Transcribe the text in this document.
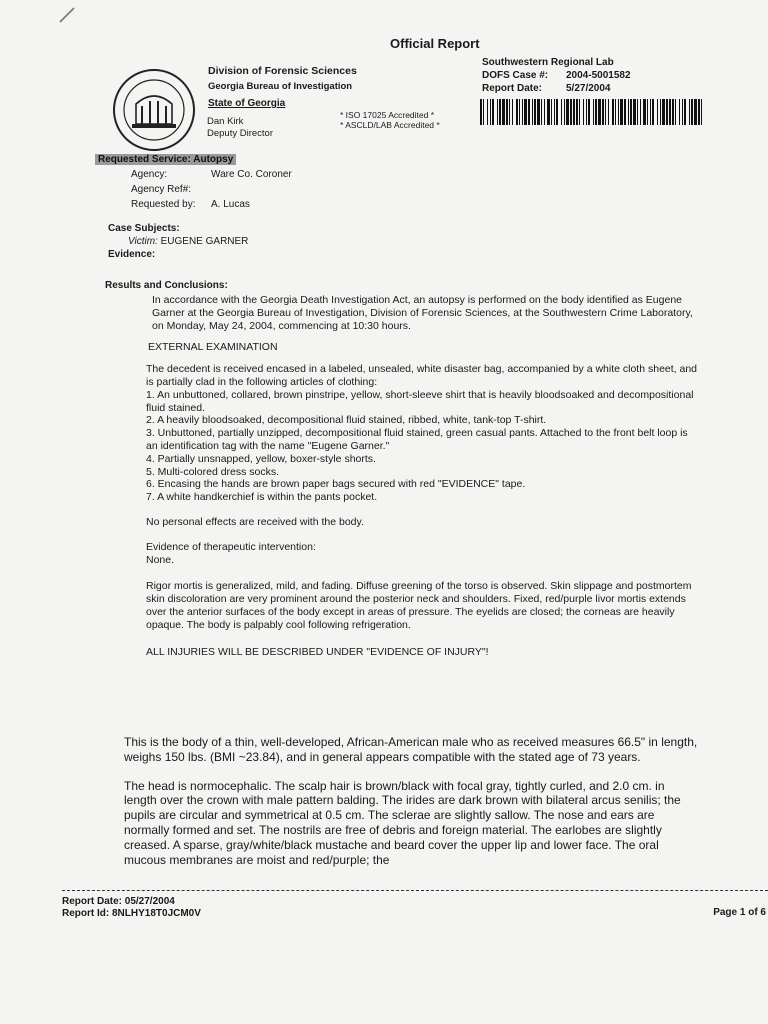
Official Report
Division of Forensic Sciences
Georgia Bureau of Investigation
State of Georgia
Dan Kirk
Deputy Director
* ISO 17025 Accredited *
* ASCLD/LAB Accredited *
Southwestern Regional Lab
DOFS Case #:	2004-5001582
Report Date:	5/27/2004
Requested Service: Autopsy
Agency:	Ware Co. Coroner
Agency Ref#:
Requested by:	A. Lucas
Case Subjects:
Victim: EUGENE GARNER
Evidence:
Results and Conclusions:

In accordance with the Georgia Death Investigation Act, an autopsy is performed on the body identified as Eugene Garner at the Georgia Bureau of Investigation, Division of Forensic Sciences, at the Southwestern Crime Laboratory, on Monday, May 24, 2004, commencing at 10:30 hours.

EXTERNAL EXAMINATION

The decedent is received encased in a labeled, unsealed, white disaster bag, accompanied by a white cloth sheet, and is partially clad in the following articles of clothing:

1. An unbuttoned, collared, brown pinstripe, yellow, short-sleeve shirt that is heavily bloodsoaked and decompositional fluid stained.
2. A heavily bloodsoaked, decompositional fluid stained, ribbed, white, tank-top T-shirt.
3. Unbuttoned, partially unzipped, decompositional fluid stained, green casual pants. Attached to the front belt loop is an identification tag with the name "Eugene Garner."
4. Partially unsnapped, yellow, boxer-style shorts.
5. Multi-colored dress socks.
6. Encasing the hands are brown paper bags secured with red "EVIDENCE" tape.
7. A white handkerchief is within the pants pocket.

No personal effects are received with the body.

Evidence of therapeutic intervention:

None.

Rigor mortis is generalized, mild, and fading. Diffuse greening of the torso is observed. Skin slippage and postmortem skin discoloration are very prominent around the posterior neck and shoulders. Fixed, red/purple livor mortis extends over the anterior surfaces of the body except in areas of pressure. The eyelids are closed; the corneas are heavily opaque. The body is palpably cool following refrigeration.

ALL INJURIES WILL BE DESCRIBED UNDER "EVIDENCE OF INJURY"!

This is the body of a thin, well-developed, African-American male who as received measures 66.5" in length, weighs 150 lbs. (BMI ~23.84), and in general appears compatible with the stated age of 73 years.

The head is normocephalic. The scalp hair is brown/black with focal gray, tightly curled, and 2.0 cm. in length over the crown with male pattern balding. The irides are dark brown with bilateral arcus senilis; the pupils are circular and symmetrical at 0.5 cm. The sclerae are slightly sallow. The nose and ears are normally formed and set. The nostrils are free of debris and foreign material. The earlobes are slightly creased. A sparse, gray/white/black mustache and beard cover the upper lip and lower face. The oral mucous membranes are moist and red/purple; the

Report Date: 05/27/2004
Report Id: 8NLHY18T0JCM0V	Page 1 of 6
